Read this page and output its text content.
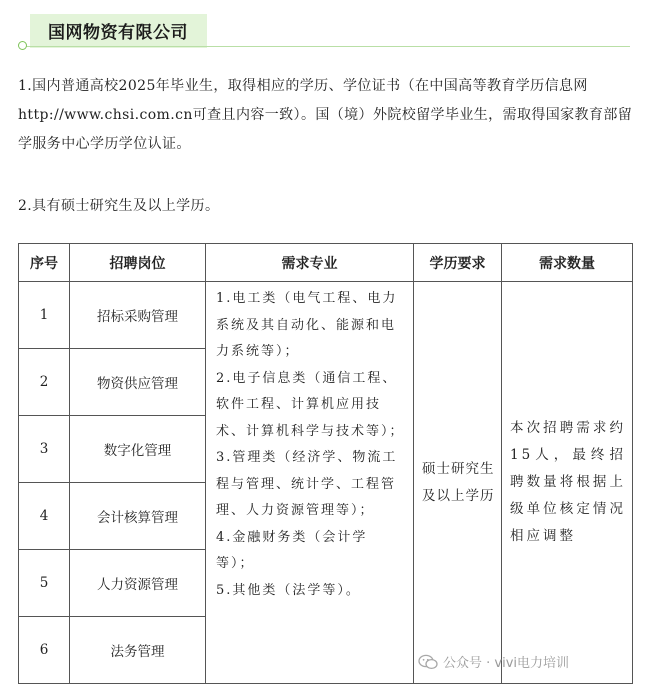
国网物资有限公司
1.国内普通高校2025年毕业生，取得相应的学历、学位证书（在中国高等教育学历信息网http://www.chsi.com.cn可查且内容一致）。国（境）外院校留学毕业生，需取得国家教育部留学服务中心学历学位认证。
2.具有硕士研究生及以上学历。
序号	招聘岗位	需求专业	学历要求	需求数量
1	招标采购管理	1.电工类（电气工程、电力系统及其自动化、能源和电力系统等）；
2.电子信息类（通信工程、软件工程、计算机应用技术、计算机科学与技术等）；
3.管理类（经济学、物流工程与管理、统计学、工程管理、人力资源管理等）；
4.金融财务类（会计学等）；
5.其他类（法学等）。	硕士研究生及以上学历	本次招聘需求约15人，最终招聘数量将根据上级单位核定情况相应调整
2	物资供应管理			
3	数字化管理			
4	会计核算管理			
5	人力资源管理			
6	法务管理			
公众号 · vivi电力培训
